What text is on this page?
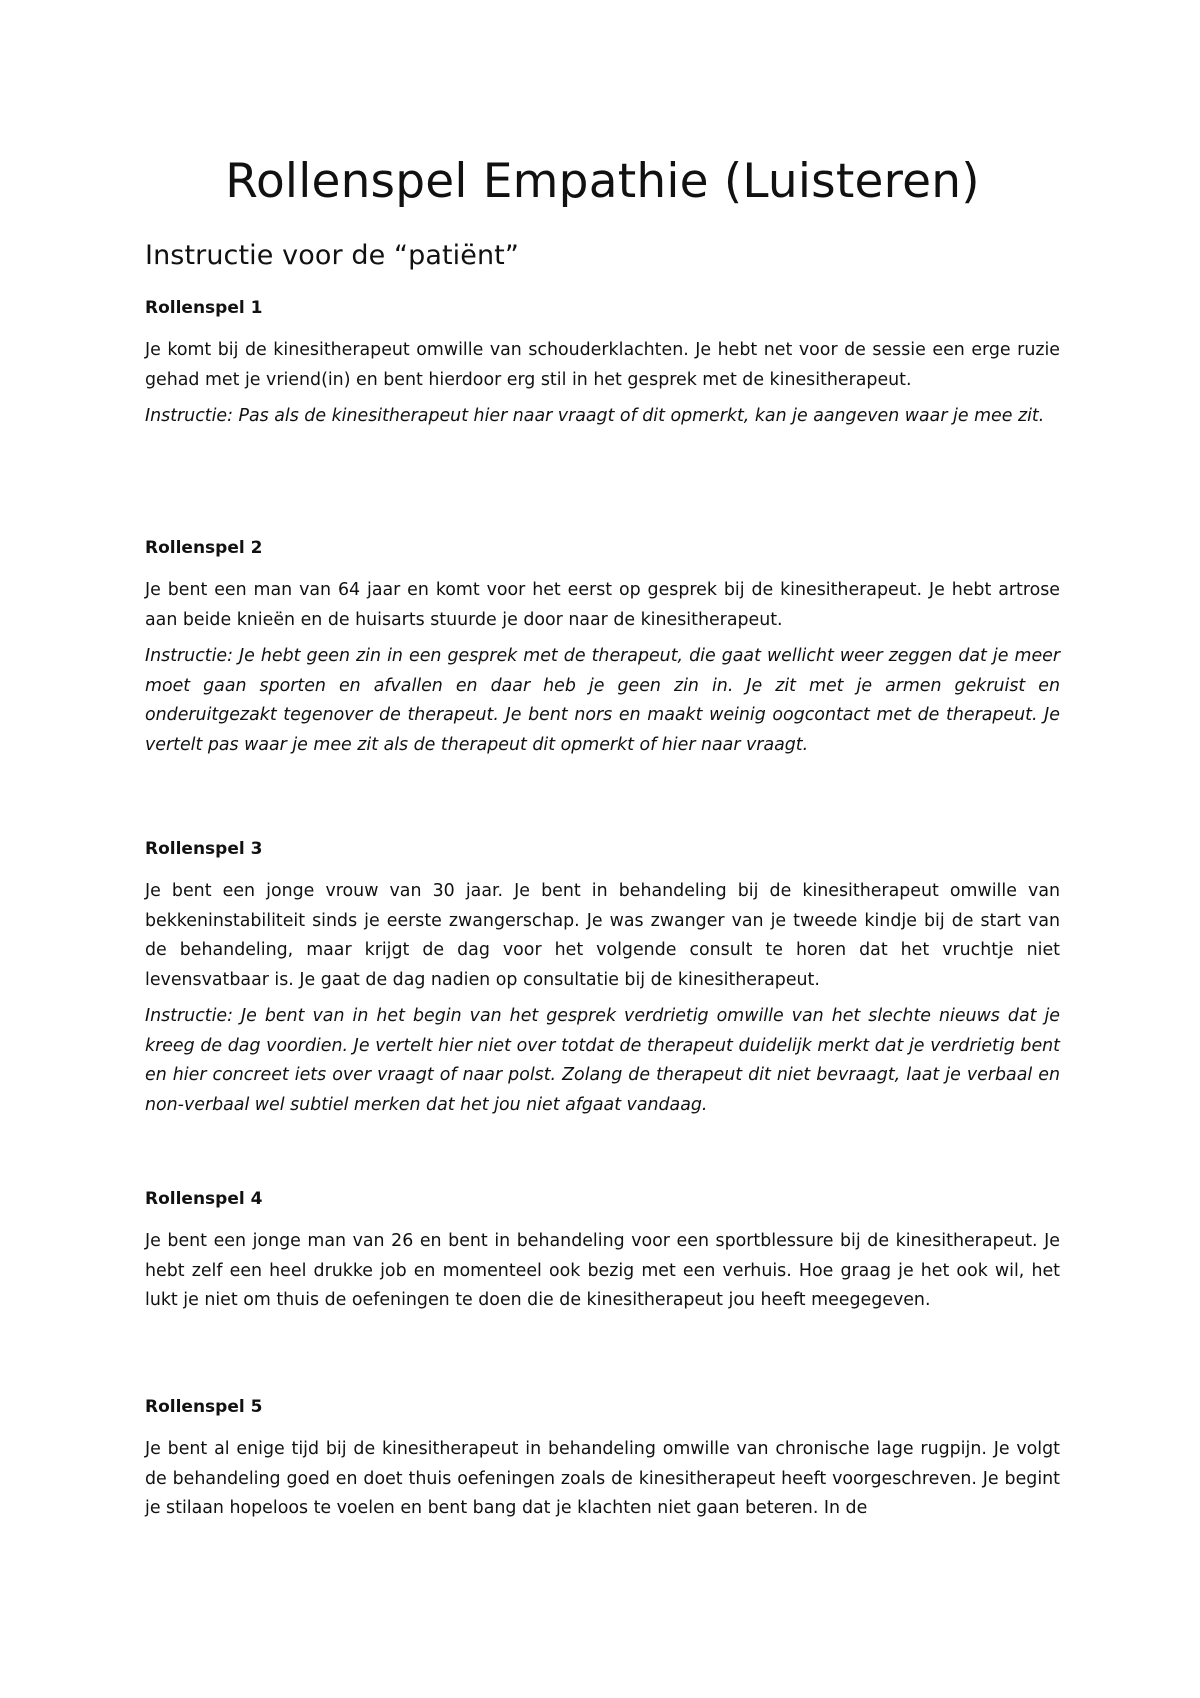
Rollenspel Empathie (Luisteren)
Instructie voor de “patiënt”
Rollenspel 1

Je komt bij de kinesitherapeut omwille van schouderklachten. Je hebt net voor de sessie een erge ruzie gehad met je vriend(in) en bent hierdoor erg stil in het gesprek met de kinesitherapeut.

Instructie: Pas als de kinesitherapeut hier naar vraagt of dit opmerkt, kan je aangeven waar je mee zit.

Rollenspel 2

Je bent een man van 64 jaar en komt voor het eerst op gesprek bij de kinesitherapeut. Je hebt artrose aan beide knieën en de huisarts stuurde je door naar de kinesitherapeut.

Instructie: Je hebt geen zin in een gesprek met de therapeut, die gaat wellicht weer zeggen dat je meer moet gaan sporten en afvallen en daar heb je geen zin in. Je zit met je armen gekruist en onderuitgezakt tegenover de therapeut. Je bent nors en maakt weinig oogcontact met de therapeut. Je vertelt pas waar je mee zit als de therapeut dit opmerkt of hier naar vraagt.

Rollenspel 3

Je bent een jonge vrouw van 30 jaar. Je bent in behandeling bij de kinesitherapeut omwille van bekkeninstabiliteit sinds je eerste zwangerschap. Je was zwanger van je tweede kindje bij de start van de behandeling, maar krijgt de dag voor het volgende consult te horen dat het vruchtje niet levensvatbaar is. Je gaat de dag nadien op consultatie bij de kinesitherapeut.

Instructie: Je bent van in het begin van het gesprek verdrietig omwille van het slechte nieuws dat je kreeg de dag voordien. Je vertelt hier niet over totdat de therapeut duidelijk merkt dat je verdrietig bent en hier concreet iets over vraagt of naar polst. Zolang de therapeut dit niet bevraagt, laat je verbaal en non-verbaal wel subtiel merken dat het jou niet afgaat vandaag.

Rollenspel 4

Je bent een jonge man van 26 en bent in behandeling voor een sportblessure bij de kinesitherapeut. Je hebt zelf een heel drukke job en momenteel ook bezig met een verhuis. Hoe graag je het ook wil, het lukt je niet om thuis de oefeningen te doen die de kinesitherapeut jou heeft meegegeven.

Rollenspel 5

Je bent al enige tijd bij de kinesitherapeut in behandeling omwille van chronische lage rugpijn. Je volgt de behandeling goed en doet thuis oefeningen zoals de kinesitherapeut heeft voorgeschreven. Je begint je stilaan hopeloos te voelen en bent bang dat je klachten niet gaan beteren. In de
